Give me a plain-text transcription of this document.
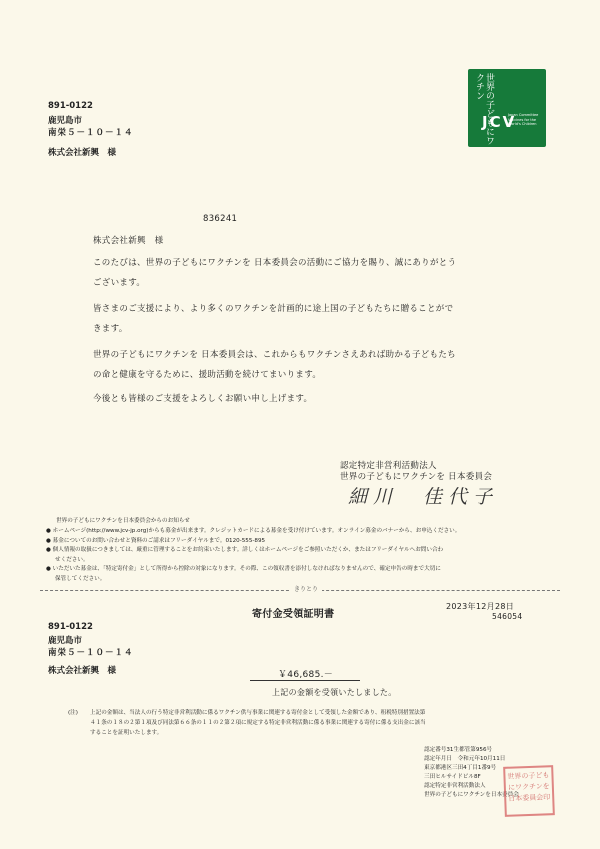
世界の子どもにワクチン
JCV
Japan Committee Vaccines for the World's Children
891-0122
鹿児島市
南栄５－１０－１４
株式会社新興　様
836241
株式会社新興　様
このたびは、世界の子どもにワクチンを 日本委員会の活動にご協力を賜り、誠にありがとう
ございます。
皆さまのご支援により、より多くのワクチンを計画的に途上国の子どもたちに贈ることがで
きます。
世界の子どもにワクチンを 日本委員会は、これからもワクチンさえあれば助かる子どもたち
の命と健康を守るために、援助活動を続けてまいります。
今後とも皆様のご支援をよろしくお願い申し上げます。
認定特定非営利活動法人
世界の子どもにワクチンを 日本委員会
細川　佳代子
世界の子どもにワクチンを日本委員会からのお知らせ
● ホームページ(http://www.jcv-jp.org)からも募金が出来ます。クレジットカードによる募金を受け付けています。オンライン募金のバナーから、お申込ください。
● 募金についてのお問い合わせと資料のご請求はフリーダイヤルまで。0120-555-895
● 個人情報の取扱につきましては、厳重に管理することをお約束いたします。詳しくはホームページをご参照いただくか、またはフリーダイヤルへお問い合わ
せください。
● いただいた募金は、「特定寄付金」として所得から控除の対象になります。その際、この領収書を添付しなければなりませんので、確定申告の時まで大切に
保管してください。
きりとり
寄付金受領証明書
2023年12月28日
546054
891-0122
鹿児島市
南栄５－１０－１４
株式会社新興　様	￥46,685.－
上記の金額を受領いたしました。
(注) 上記の金額は、当法人の行う特定非営利活動に係るワクチン供与事業に関連する寄付金として受領した金額であり、租税特別措置法第
４１条の１８の２第１項及び同法第６６条の１１の２第２項に規定する特定非営利活動に係る事業に関連する寄付に係る支出金に該当
することを証明いたします。
認定番号31生都管第956号
認定年月日　令和元年10月11日
東京都港区三田4丁目1番9号
三田ヒルサイドビル8F
認定特定非営利活動法人
世界の子どもにワクチンを日本委員会
世界の子どもにワクチンを日本委員会印
